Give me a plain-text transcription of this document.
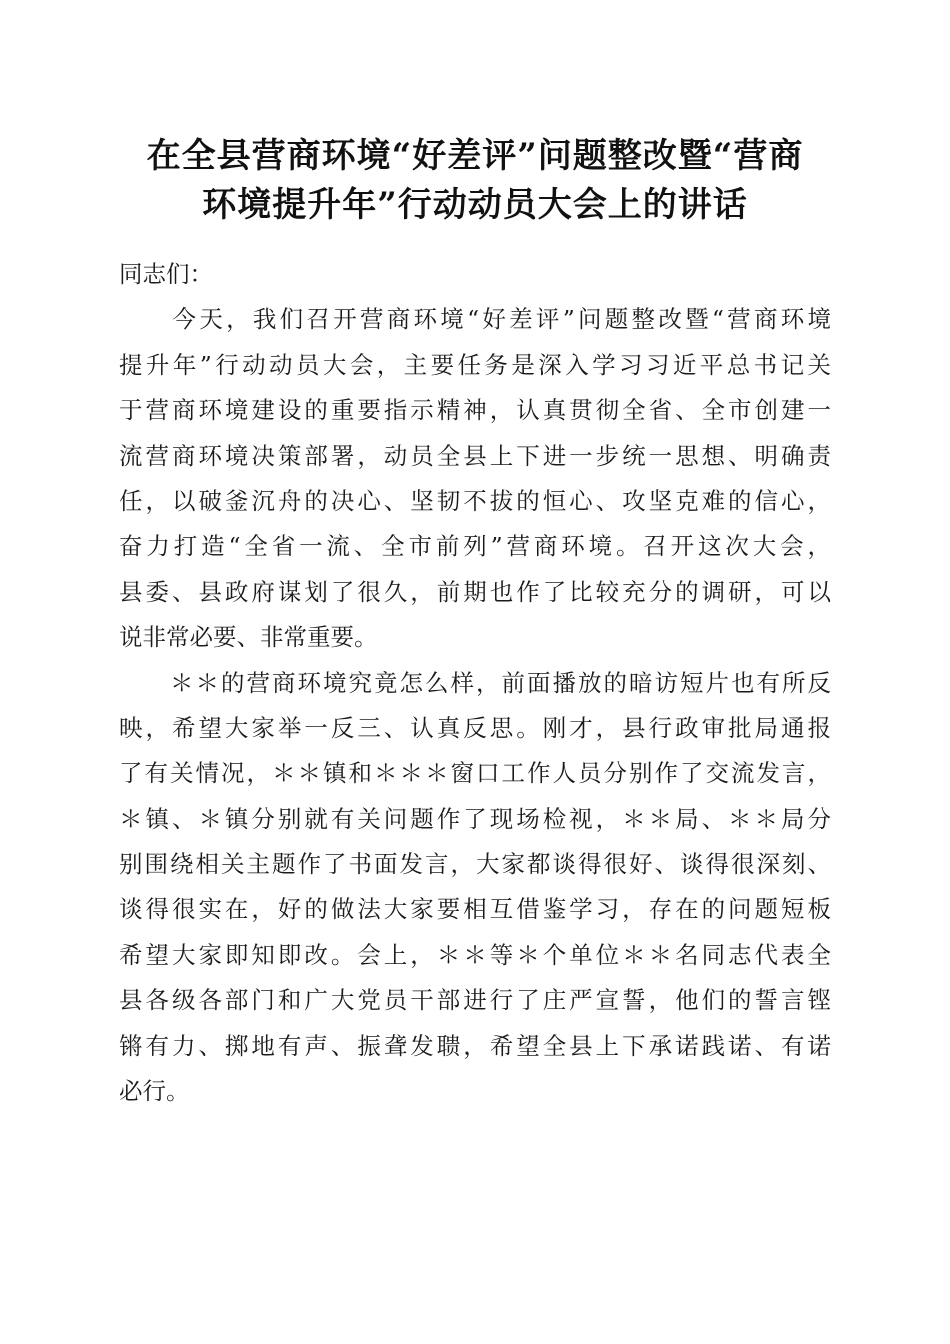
在全县营商环境“好差评”问题整改暨“营商
环境提升年”行动动员大会上的讲话
同志们：
　　今天，我们召开营商环境“好差评”问题整改暨“营商环境
提升年”行动动员大会，主要任务是深入学习习近平总书记关
于营商环境建设的重要指示精神，认真贯彻全省、全市创建一
流营商环境决策部署，动员全县上下进一步统一思想、明确责
任，以破釜沉舟的决心、坚韧不拔的恒心、攻坚克难的信心，
奋力打造“全省一流、全市前列”营商环境。召开这次大会，
县委、县政府谋划了很久，前期也作了比较充分的调研，可以
说非常必要、非常重要。
　　＊＊的营商环境究竟怎么样，前面播放的暗访短片也有所反
映，希望大家举一反三、认真反思。刚才，县行政审批局通报
了有关情况，＊＊镇和＊＊＊窗口工作人员分别作了交流发言，
＊镇、＊镇分别就有关问题作了现场检视，＊＊局、＊＊局分
别围绕相关主题作了书面发言，大家都谈得很好、谈得很深刻、
谈得很实在，好的做法大家要相互借鉴学习，存在的问题短板
希望大家即知即改。会上，＊＊等＊个单位＊＊名同志代表全
县各级各部门和广大党员干部进行了庄严宣誓，他们的誓言铿
锵有力、掷地有声、振聋发聩，希望全县上下承诺践诺、有诺
必行。
